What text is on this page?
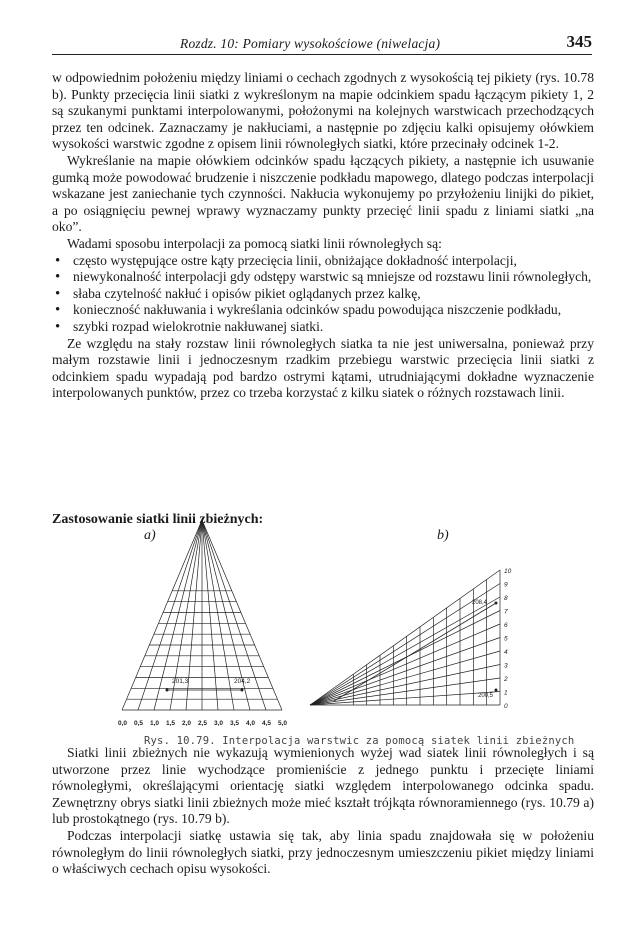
Rozdz. 10: Pomiary wysokościowe (niwelacja)	345

w odpowiednim położeniu między liniami o cechach zgodnych z wysokością tej pikiety (rys. 10.78 b). Punkty przecięcia linii siatki z wykreślonym na mapie odcinkiem spadu łączącym pikiety 1, 2 są szukanymi punktami interpolowanymi, położonymi na kolejnych warstwicach przechodzących przez ten odcinek. Zaznaczamy je nakłuciami, a następnie po zdjęciu kalki opisujemy ołówkiem wysokości warstwic zgodne z opisem linii równoległych siatki, które przecinały odcinek 1-2.

Wykreślanie na mapie ołówkiem odcinków spadu łączących pikiety, a następnie ich usuwanie gumką może powodować brudzenie i niszczenie podkładu mapowego, dlatego podczas interpolacji wskazane jest zaniechanie tych czynności. Nakłucia wykonujemy po przyłożeniu linijki do pikiet, a po osiągnięciu pewnej wprawy wyznaczamy punkty przecięć linii spadu z liniami siatki „na oko”.

Wadami sposobu interpolacji za pomocą siatki linii równoległych są:

• często występujące ostre kąty przecięcia linii, obniżające dokładność interpolacji,
• niewykonalność interpolacji gdy odstępy warstwic są mniejsze od rozstawu linii równoległych,
• słaba czytelność nakłuć i opisów pikiet oglądanych przez kalkę,
• konieczność nakłuwania i wykreślania odcinków spadu powodująca niszczenie podkładu,
• szybki rozpad wielokrotnie nakłuwanej siatki.

Ze względu na stały rozstaw linii równoległych siatka ta nie jest uniwersalna, ponieważ przy małym rozstawie linii i jednoczesnym rzadkim przebiegu warstwic przecięcia linii siatki z odcinkiem spadu wypadają pod bardzo ostrymi kątami, utrudniającymi dokładne wyznaczenie interpolowanych punktów, przez co trzeba korzystać z kilku siatek o różnych rozstawach linii.

Zastosowanie siatki linii zbieżnych:
a)	b)
0,0 0,5 1,0 1,5 2,0 2,5 3,0 3,5 4,0 4,5 5,0
201,3	204,2
0
1
2
3
4
5
6
7
8
9
10
208,4
200,5
Rys. 10.79. Interpolacja warstwic za pomocą siatek linii zbieżnych

Siatki linii zbieżnych nie wykazują wymienionych wyżej wad siatek linii równoległych i są utworzone przez linie wychodzące promieniście z jednego punktu i przecięte liniami równoległymi, określającymi orientację siatki względem interpolowanego odcinka spadu. Zewnętrzny obrys siatki linii zbieżnych może mieć kształt trójkąta równoramiennego (rys. 10.79 a) lub prostokątnego (rys. 10.79 b).

Podczas interpolacji siatkę ustawia się tak, aby linia spadu znajdowała się w położeniu równoległym do linii równoległych siatki, przy jednoczesnym umieszczeniu pikiet między liniami o właściwych cechach opisu wysokości.
